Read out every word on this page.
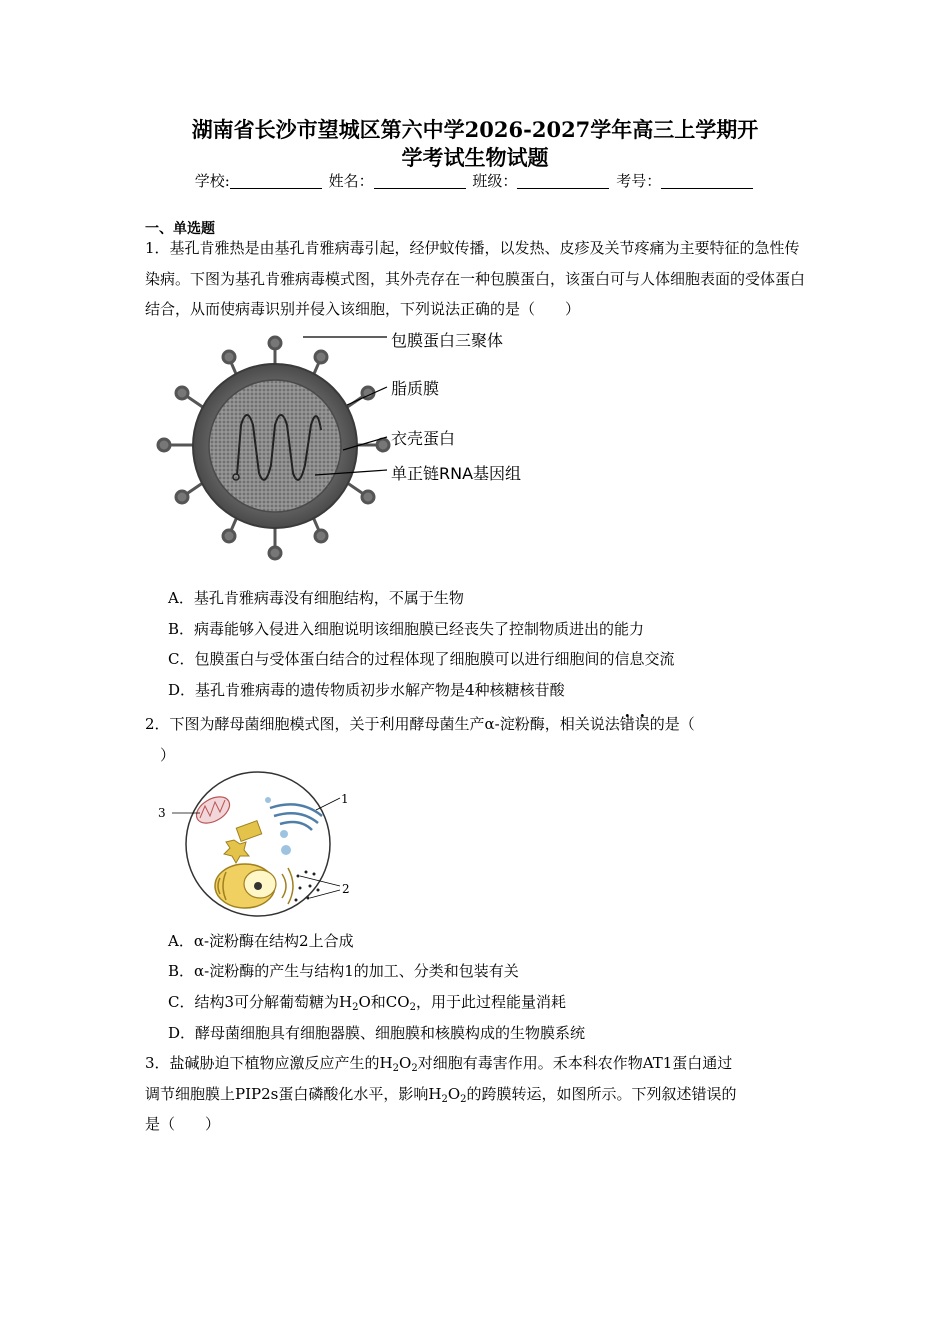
湖南省长沙市望城区第六中学2026-2027学年高三上学期开
学考试生物试题
学校:	姓名：	班级：	考号：
一、单选题
1．基孔肯雅热是由基孔肯雅病毒引起，经伊蚊传播，以发热、皮疹及关节疼痛为主要特征的急性传染病。下图为基孔肯雅病毒模式图，其外壳存在一种包膜蛋白，该蛋白可与人体细胞表面的受体蛋白结合，从而使病毒识别并侵入该细胞，下列说法正确的是（　　）
包膜蛋白三聚体
脂质膜
衣壳蛋白
单正链RNA基因组
A．基孔肯雅病毒没有细胞结构，不属于生物
B．病毒能够入侵进入细胞说明该细胞膜已经丧失了控制物质进出的能力
C．包膜蛋白与受体蛋白结合的过程体现了细胞膜可以进行细胞间的信息交流
D．基孔肯雅病毒的遗传物质初步水解产物是4种核糖核苷酸
2．下图为酵母菌细胞模式图，关于利用酵母菌生产α-淀粉酶，相关说法错误的是（
）
1
2
3
A．α-淀粉酶在结构2上合成
B．α-淀粉酶的产生与结构1的加工、分类和包装有关
C．结构3可分解葡萄糖为$H_2O$和$CO_2$，用于此过程能量消耗
D．酵母菌细胞具有细胞器膜、细胞膜和核膜构成的生物膜系统
3．盐碱胁迫下植物应激反应产生的$H_2O_2$对细胞有毒害作用。禾本科农作物AT1蛋白通过
调节细胞膜上PIP2s蛋白磷酸化水平，影响$H_2O_2$的跨膜转运，如图所示。下列叙述错误的
是（　　）
